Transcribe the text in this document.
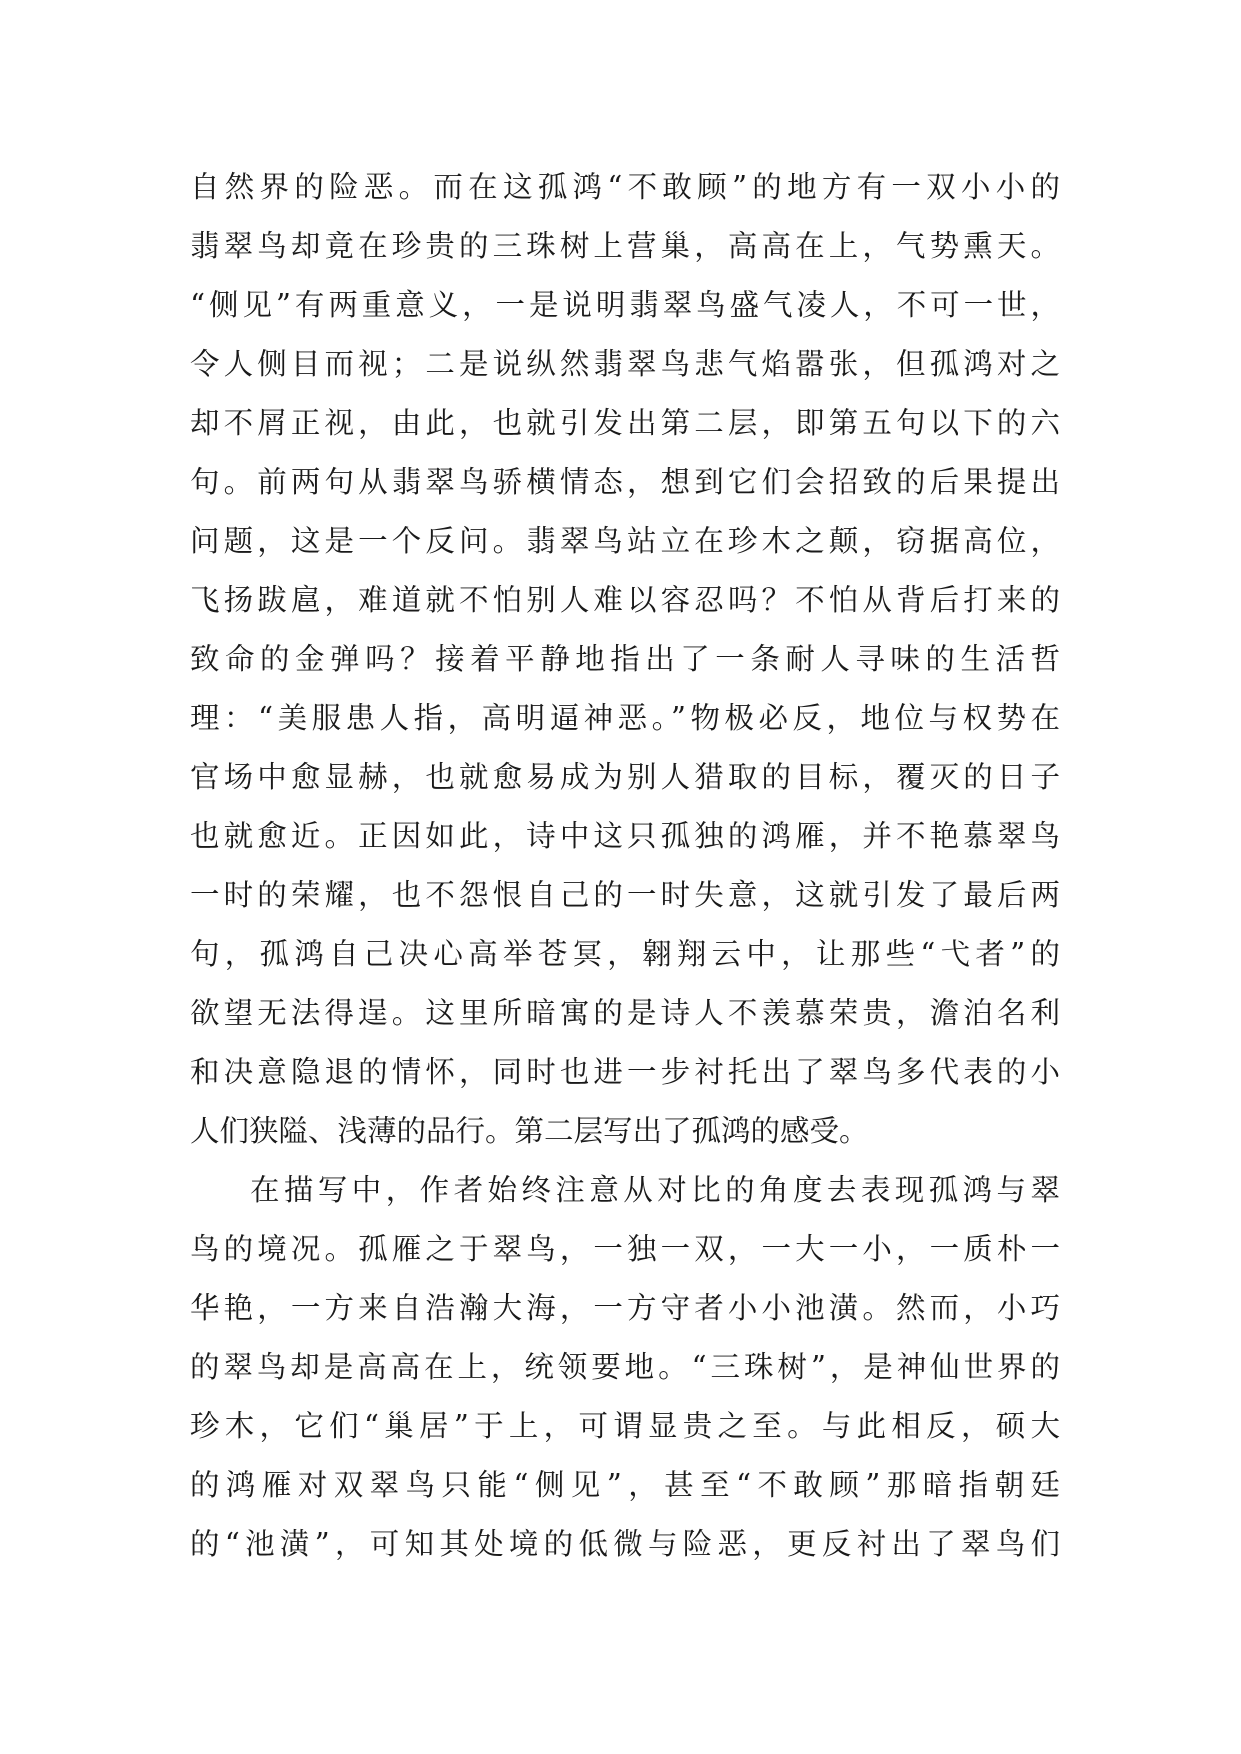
自然界的险恶。而在这孤鸿“不敢顾”的地方有一双小小的
翡翠鸟却竟在珍贵的三珠树上营巢，高高在上，气势熏天。
“侧见”有两重意义，一是说明翡翠鸟盛气凌人，不可一世，
令人侧目而视；二是说纵然翡翠鸟悲气焰嚣张，但孤鸿对之
却不屑正视，由此，也就引发出第二层，即第五句以下的六
句。前两句从翡翠鸟骄横情态，想到它们会招致的后果提出
问题，这是一个反问。翡翠鸟站立在珍木之颠，窃据高位，
飞扬跋扈，难道就不怕别人难以容忍吗？不怕从背后打来的
致命的金弹吗？接着平静地指出了一条耐人寻味的生活哲
理：“美服患人指，高明逼神恶。”物极必反，地位与权势在
官场中愈显赫，也就愈易成为别人猎取的目标，覆灭的日子
也就愈近。正因如此，诗中这只孤独的鸿雁，并不艳慕翠鸟
一时的荣耀，也不怨恨自己的一时失意，这就引发了最后两
句，孤鸿自己决心高举苍冥，翱翔云中，让那些“弋者”的
欲望无法得逞。这里所暗寓的是诗人不羡慕荣贵，澹泊名利
和决意隐退的情怀，同时也进一步衬托出了翠鸟多代表的小
人们狭隘、浅薄的品行。第二层写出了孤鸿的感受。
在描写中，作者始终注意从对比的角度去表现孤鸿与翠
鸟的境况。孤雁之于翠鸟，一独一双，一大一小，一质朴一
华艳，一方来自浩瀚大海，一方守者小小池潢。然而，小巧
的翠鸟却是高高在上，统领要地。“三珠树”，是神仙世界的
珍木，它们“巢居”于上，可谓显贵之至。与此相反，硕大
的鸿雁对双翠鸟只能“侧见”，甚至“不敢顾”那暗指朝廷
的“池潢”，可知其处境的低微与险恶，更反衬出了翠鸟们
